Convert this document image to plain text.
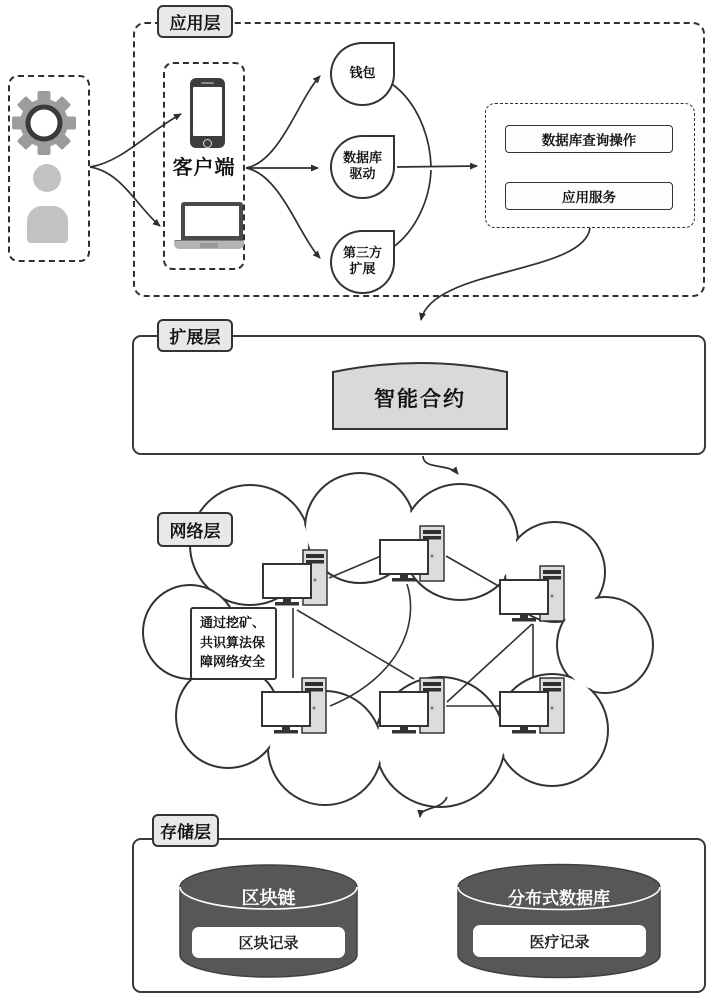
应用层
客户端
钱包
数据库驱动
第三方扩展
数据库查询操作
应用服务
扩展层
智能合约
网络层
通过挖矿、共识算法保障网络安全
存储层
区块链	分布式数据库
区块记录	医疗记录
